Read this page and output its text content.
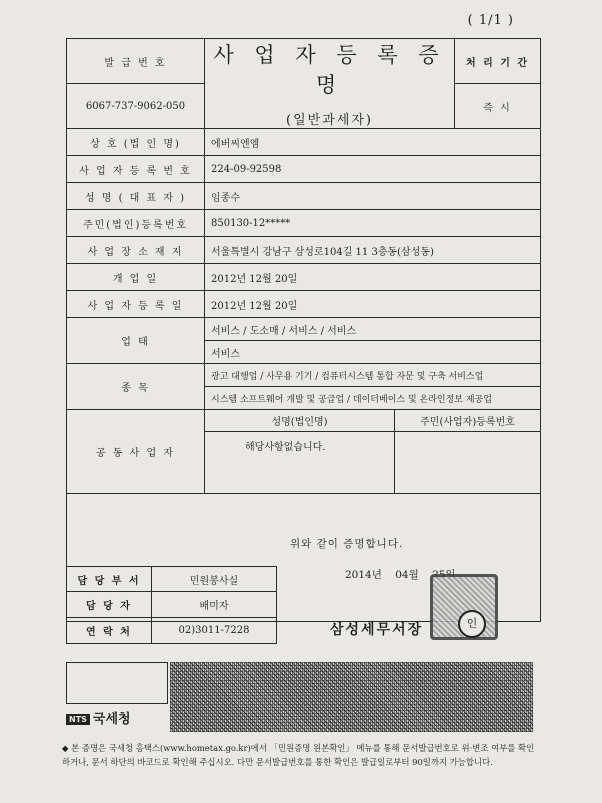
( 1/1 )
발 급 번 호	사 업 자 등 록 증 명
(일반과세자)		처 리 기 간
6067-737-9062-050			즉 시
상 호 (법 인 명)	에버씨엔엠		
사 업 자 등 록 번 호	224-09-92598		
성 명 ( 대 표 자 )	임종수		
주민(법인)등록번호	850130-12*****		
사 업 장 소 재 지	서울특별시 강남구 삼성로104길 11 3층동(삼성동)		
개 업 일	2012년 12월 20일		
사 업 자 등 록 일	2012년 12월 20일		
업 태	서비스 / 도소매 / 서비스 / 서비스		
	서비스		
종 목	광고 대행업 / 사무용 기기 / 컴퓨터시스템 통합 자문 및 구축 서비스업		
	시스템 소프트웨어 개발 및 공급업 / 데이터베이스 및 온라인정보 제공업		
공 동 사 업 자	성명(법인명)	주민(사업자)등록번호	
	해당사항없습니다.		

위와 같이 증명합니다.
2014년 04월			
담 당 부 서	민원봉사실
담 당 자	배미자
연 락 처	02)3011-7228	삼성세무서장	인
NTS 국세청
◆ 본 증명은 국세청 홈택스(www.hometax.go.kr)에서 「민원증명 원본확인」 메뉴를 통해 문서발급번호로 위·변조 여부를 확인하거나, 문서 하단의 바코드로 확인해 주십시오. 다만 문서발급번호를 통한 확인은 발급일로부터 90일까지 가능합니다.
